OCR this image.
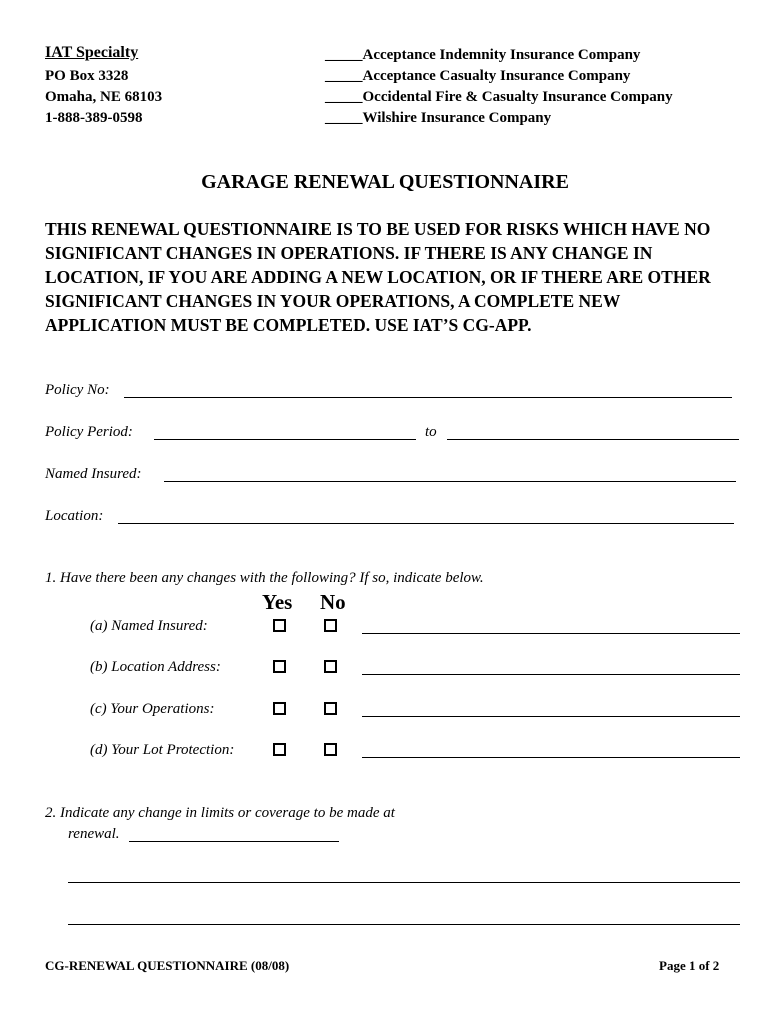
IAT Specialty
PO Box 3328
Omaha, NE 68103
1-888-389-0598
_____Acceptance Indemnity Insurance Company
_____Acceptance Casualty Insurance Company
_____Occidental Fire & Casualty Insurance Company
_____Wilshire Insurance Company
GARAGE RENEWAL QUESTIONNAIRE
THIS RENEWAL QUESTIONNAIRE IS TO BE USED FOR RISKS WHICH HAVE NO SIGNIFICANT CHANGES IN OPERATIONS. IF THERE IS ANY CHANGE IN LOCATION, IF YOU ARE ADDING A NEW LOCATION, OR IF THERE ARE OTHER SIGNIFICANT CHANGES IN YOUR OPERATIONS, A COMPLETE NEW APPLICATION MUST BE COMPLETED. USE IAT’S CG-APP.
Policy No:
Policy Period:	to
Named Insured:
Location:
1. Have there been any changes with the following? If so, indicate below.
Yes No
(a) Named Insured:
(b) Location Address:
(c) Your Operations:
(d) Your Lot Protection:
2. Indicate any change in limits or coverage to be made at
renewal.
CG-RENEWAL QUESTIONNAIRE (08/08)	Page 1 of 2
